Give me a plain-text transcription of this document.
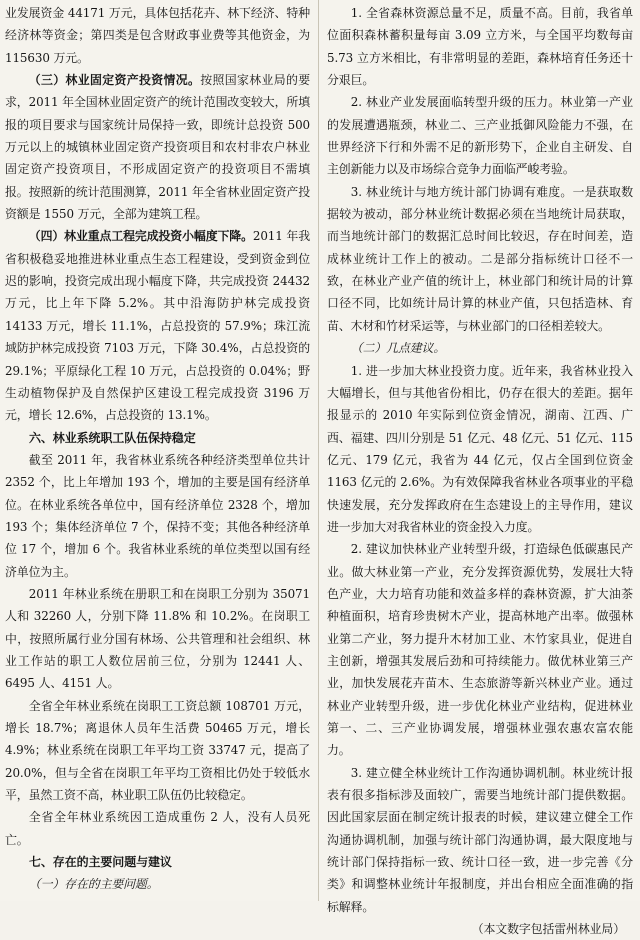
业发展资金 44171 万元，具体包括花卉、林下经济、特种经济林等资金；第四类是包含财政事业费等其他资金，为 115630 万元。

（三）林业固定资产投资情况。按照国家林业局的要求，2011 年全国林业固定资产的统计范围改变较大，所填报的项目要求与国家统计局保持一致，即统计总投资 500 万元以上的城镇林业固定资产投资项目和农村非农户林业固定资产投资项目，不形成固定资产的投资项目不需填报。按照新的统计范围测算，2011 年全省林业固定资产投资额是 1550 万元，全部为建筑工程。

（四）林业重点工程完成投资小幅度下降。2011 年我省积极稳妥地推进林业重点生态工程建设，受到资金到位迟的影响，投资完成出现小幅度下降，共完成投资 24432 万元，比上年下降 5.2%。其中沿海防护林完成投资 14133 万元，增长 11.1%，占总投资的 57.9%；珠江流域防护林完成投资 7103 万元，下降 30.4%，占总投资的 29.1%；平原绿化工程 10 万元，占总投资的 0.04%；野生动植物保护及自然保护区建设工程完成投资 3196 万元，增长 12.6%，占总投资的 13.1%。

六、林业系统职工队伍保持稳定

截至 2011 年，我省林业系统各种经济类型单位共计 2352 个，比上年增加 193 个，增加的主要是国有经济单位。在林业系统各单位中，国有经济单位 2328 个，增加 193 个；集体经济单位 7 个，保持不变；其他各种经济单位 17 个，增加 6 个。我省林业系统的单位类型以国有经济单位为主。

2011 年林业系统在册职工和在岗职工分别为 35071 人和 32260 人，分别下降 11.8% 和 10.2%。在岗职工中，按照所属行业分国有林场、公共管理和社会组织、林业工作站的职工人数位居前三位，分别为 12441 人、6495 人、4151 人。

全省全年林业系统在岗职工工资总额 108701 万元，增长 18.7%；离退休人员年生活费 50465 万元，增长 4.9%；林业系统在岗职工年平均工资 33747 元，提高了 20.0%，但与全省在岗职工年平均工资相比仍处于较低水平，虽然工资不高，林业职工队伍仍比较稳定。

全省全年林业系统因工造成重伤 2 人，没有人员死亡。

七、存在的主要问题与建议
（一）存在的主要问题。

1. 全省森林资源总量不足，质量不高。目前，我省单位面积森林蓄积量每亩 3.09 立方米，与全国平均数每亩 5.73 立方米相比，有非常明显的差距，森林培育任务还十分艰巨。

2. 林业产业发展面临转型升级的压力。林业第一产业的发展遭遇瓶颈，林业二、三产业抵御风险能力不强，在世界经济下行和外需不足的新形势下，企业自主研发、自主创新能力以及市场综合竞争力面临严峻考验。

3. 林业统计与地方统计部门协调有难度。一是获取数据较为被动，部分林业统计数据必须在当地统计局获取，而当地统计部门的数据汇总时间比较迟，存在时间差，造成林业统计工作上的被动。二是部分指标统计口径不一致，在林业产业产值的统计上，林业部门和统计局的计算口径不同，比如统计局计算的林业产值，只包括造林、育苗、木材和竹材采运等，与林业部门的口径相差较大。

（二）几点建议。

1. 进一步加大林业投资力度。近年来，我省林业投入大幅增长，但与其他省份相比，仍存在很大的差距。据年报显示的 2010 年实际到位资金情况，湖南、江西、广西、福建、四川分别是 51 亿元、48 亿元、51 亿元、115 亿元、179 亿元，我省为 44 亿元，仅占全国到位资金 1163 亿元的 2.6%。为有效保障我省林业各项事业的平稳快速发展，充分发挥政府在生态建设上的主导作用，建议进一步加大对我省林业的资金投入力度。

2. 建议加快林业产业转型升级，打造绿色低碳惠民产业。做大林业第一产业，充分发挥资源优势，发展壮大特色产业，大力培育功能和效益多样的森林资源，扩大油茶种植面积，培育珍贵树木产业，提高林地产出率。做强林业第二产业，努力提升木材加工业、木竹家具业，促进自主创新，增强其发展后劲和可持续能力。做优林业第三产业，加快发展花卉苗木、生态旅游等新兴林业产业。通过林业产业转型升级，进一步优化林业产业结构，促进林业第一、二、三产业协调发展，增强林业强农惠农富农能力。

3. 建立健全林业统计工作沟通协调机制。林业统计报表有很多指标涉及面较广，需要当地统计部门提供数据。因此国家层面在制定统计报表的时候，建议建立健全工作沟通协调机制，加强与统计部门沟通协调，最大限度地与统计部门保持指标一致、统计口径一致，进一步完善《分类》和调整林业统计年报制度，并出台相应全面准确的指标解释。

（本文数字包括雷州林业局）
